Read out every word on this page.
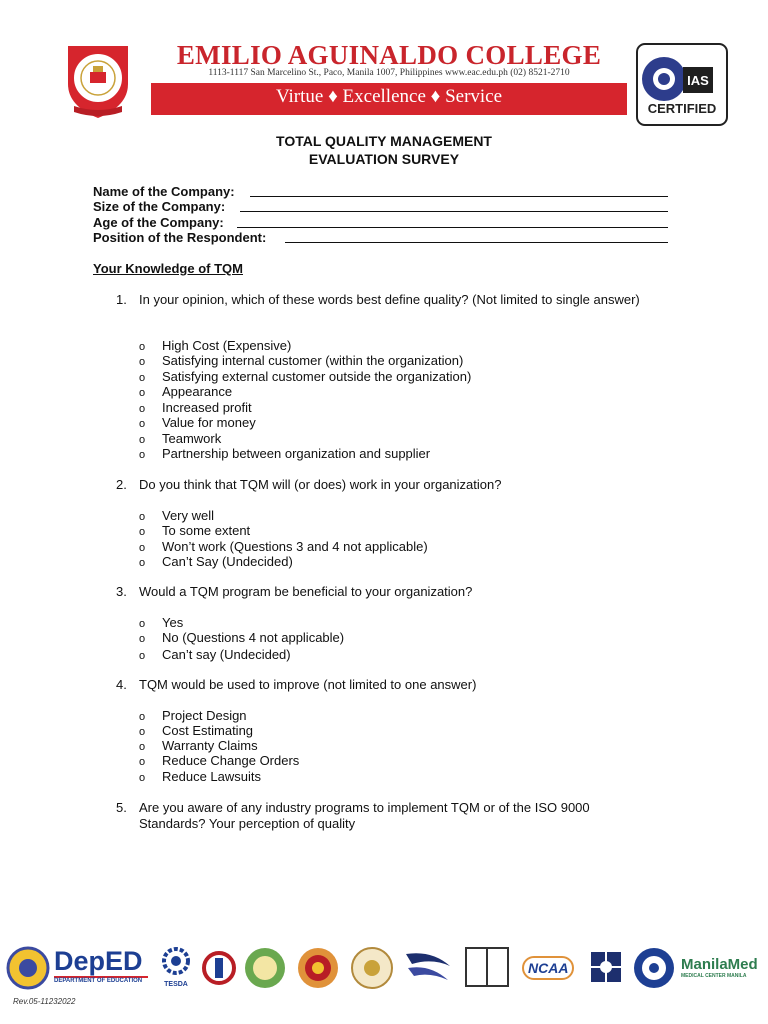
EMILIO AGUINALDO COLLEGE
1113-1117 San Marcelino St., Paco, Manila 1007, Philippines www.eac.edu.ph (02) 8521-2710
Virtue ♦ Excellence ♦ Service
IAS
CERTIFIED
TOTAL QUALITY MANAGEMENT
EVALUATION SURVEY
Name of the Company:
Size of the Company:
Age of the Company:
Position of the Respondent:
Your Knowledge of TQM
1. In your opinion, which of these words best define quality? (Not limited to single answer)
o High Cost (Expensive)
o Satisfying internal customer (within the organization)
o Satisfying external customer outside the organization)
o Appearance
o Increased profit
o Value for money
o Teamwork
o Partnership between organization and supplier
2. Do you think that TQM will (or does) work in your organization?
o Very well
o To some extent
o Won’t work (Questions 3 and 4 not applicable)
o Can’t Say (Undecided)
3. Would a TQM program be beneficial to your organization?
o Yes
o No (Questions 4 not applicable)
o Can’t say (Undecided)
4. TQM would be used to improve (not limited to one answer)
o Project Design
o Cost Estimating
o Warranty Claims
o Reduce Change Orders
o Reduce Lawsuits
5. Are you aware of any industry programs to implement TQM or of the ISO 9000 Standards? Your perception of quality
DepED
DEPARTMENT OF EDUCATION	TESDA
NCAA	ManilaMed
MEDICAL CENTER MANILA
Rev.05-11232022
